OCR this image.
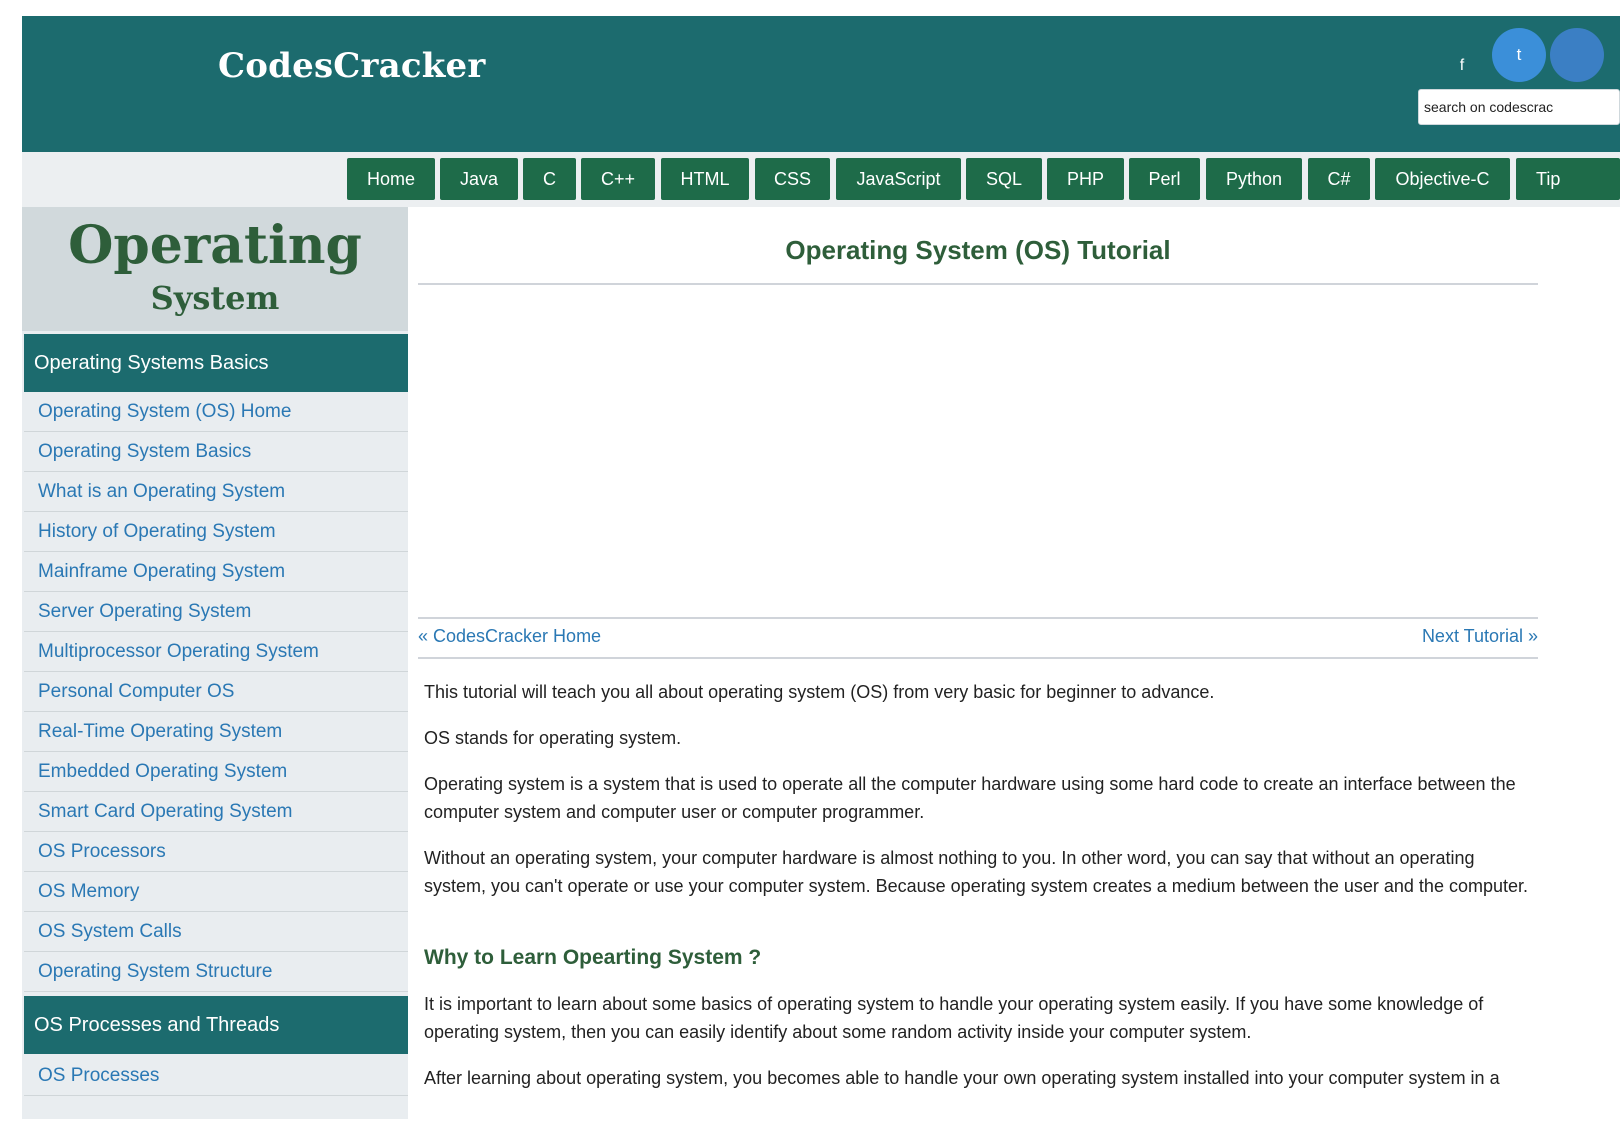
CodesCracker	f
t
search on codescrac
Home	Java	C	C++	HTML	CSS	JavaScript	SQL	PHP	Perl	Python	C#	Objective-C	Tip
Operating
System
Operating Systems Basics
Operating System (OS) Home
Operating System Basics
What is an Operating System
History of Operating System
Mainframe Operating System
Server Operating System
Multiprocessor Operating System
Personal Computer OS
Real-Time Operating System
Embedded Operating System
Smart Card Operating System
OS Processors
OS Memory
OS System Calls
Operating System Structure
OS Processes and Threads
OS Processes
Operating System (OS) Tutorial
« CodesCracker Home	Next Tutorial »
This tutorial will teach you all about operating system (OS) from very basic for beginner to advance.
OS stands for operating system.
Operating system is a system that is used to operate all the computer hardware using some hard code to create an interface between the computer system and computer user or computer programmer.
Without an operating system, your computer hardware is almost nothing to you. In other word, you can say that without an operating system, you can't operate or use your computer system. Because operating system creates a medium between the user and the computer.
Why to Learn Opearting System ?
It is important to learn about some basics of operating system to handle your operating system easily. If you have some knowledge of operating system, then you can easily identify about some random activity inside your computer system.
After learning about operating system, you becomes able to handle your own operating system installed into your computer system in a
